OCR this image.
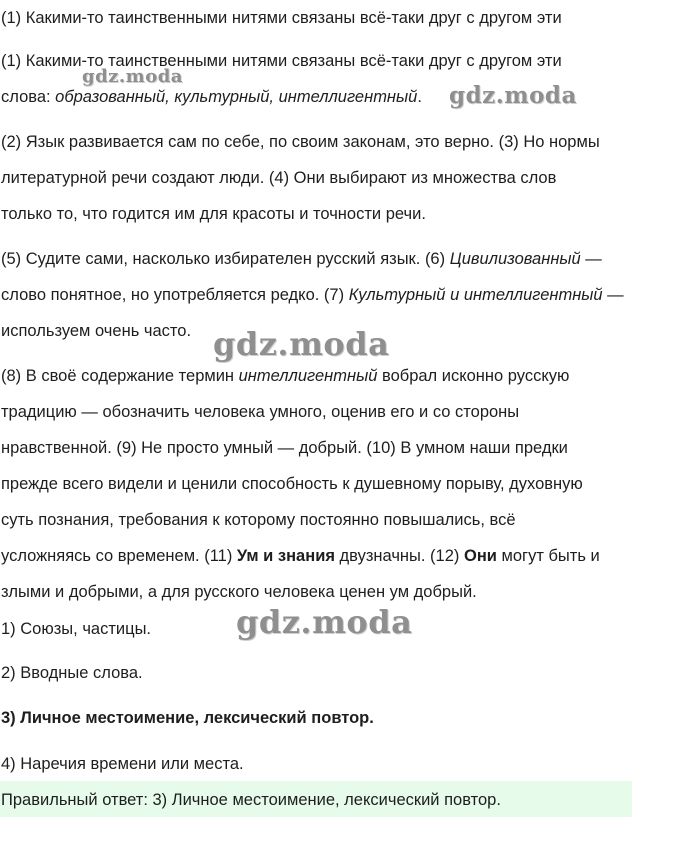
(1) Какими-то таинственными нитями связаны всё-таки друг с другом эти
(1) Какими-то таинственными нитями связаны всё-таки друг с другом эти
слова: образованный, культурный, интеллигентный.
(2) Язык развивается сам по себе, по своим законам, это верно. (3) Но нормы
литературной речи создают люди. (4) Они выбирают из множества слов
только то, что годится им для красоты и точности речи.
(5) Судите сами, насколько избирателен русский язык. (6) Цивилизованный —
слово понятное, но употребляется редко. (7) Культурный и интеллигентный —
используем очень часто.
(8) В своё содержание термин интеллигентный вобрал исконно русскую
традицию — обозначить человека умного, оценив его и со стороны
нравственной. (9) Не просто умный — добрый. (10) В умном наши предки
прежде всего видели и ценили способность к душевному порыву, духовную
суть познания, требования к которому постоянно повышались, всё
усложняясь со временем. (11) Ум и знания двузначны. (12) Они могут быть и
злыми и добрыми, а для русского человека ценен ум добрый.
1) Союзы, частицы.
2) Вводные слова.
3) Личное местоимение, лексический повтор.
4) Наречия времени или места.
Правильный ответ: 3) Личное местоимение, лексический повтор.
gdz.moda
gdz.moda
gdz.moda
gdz.moda
